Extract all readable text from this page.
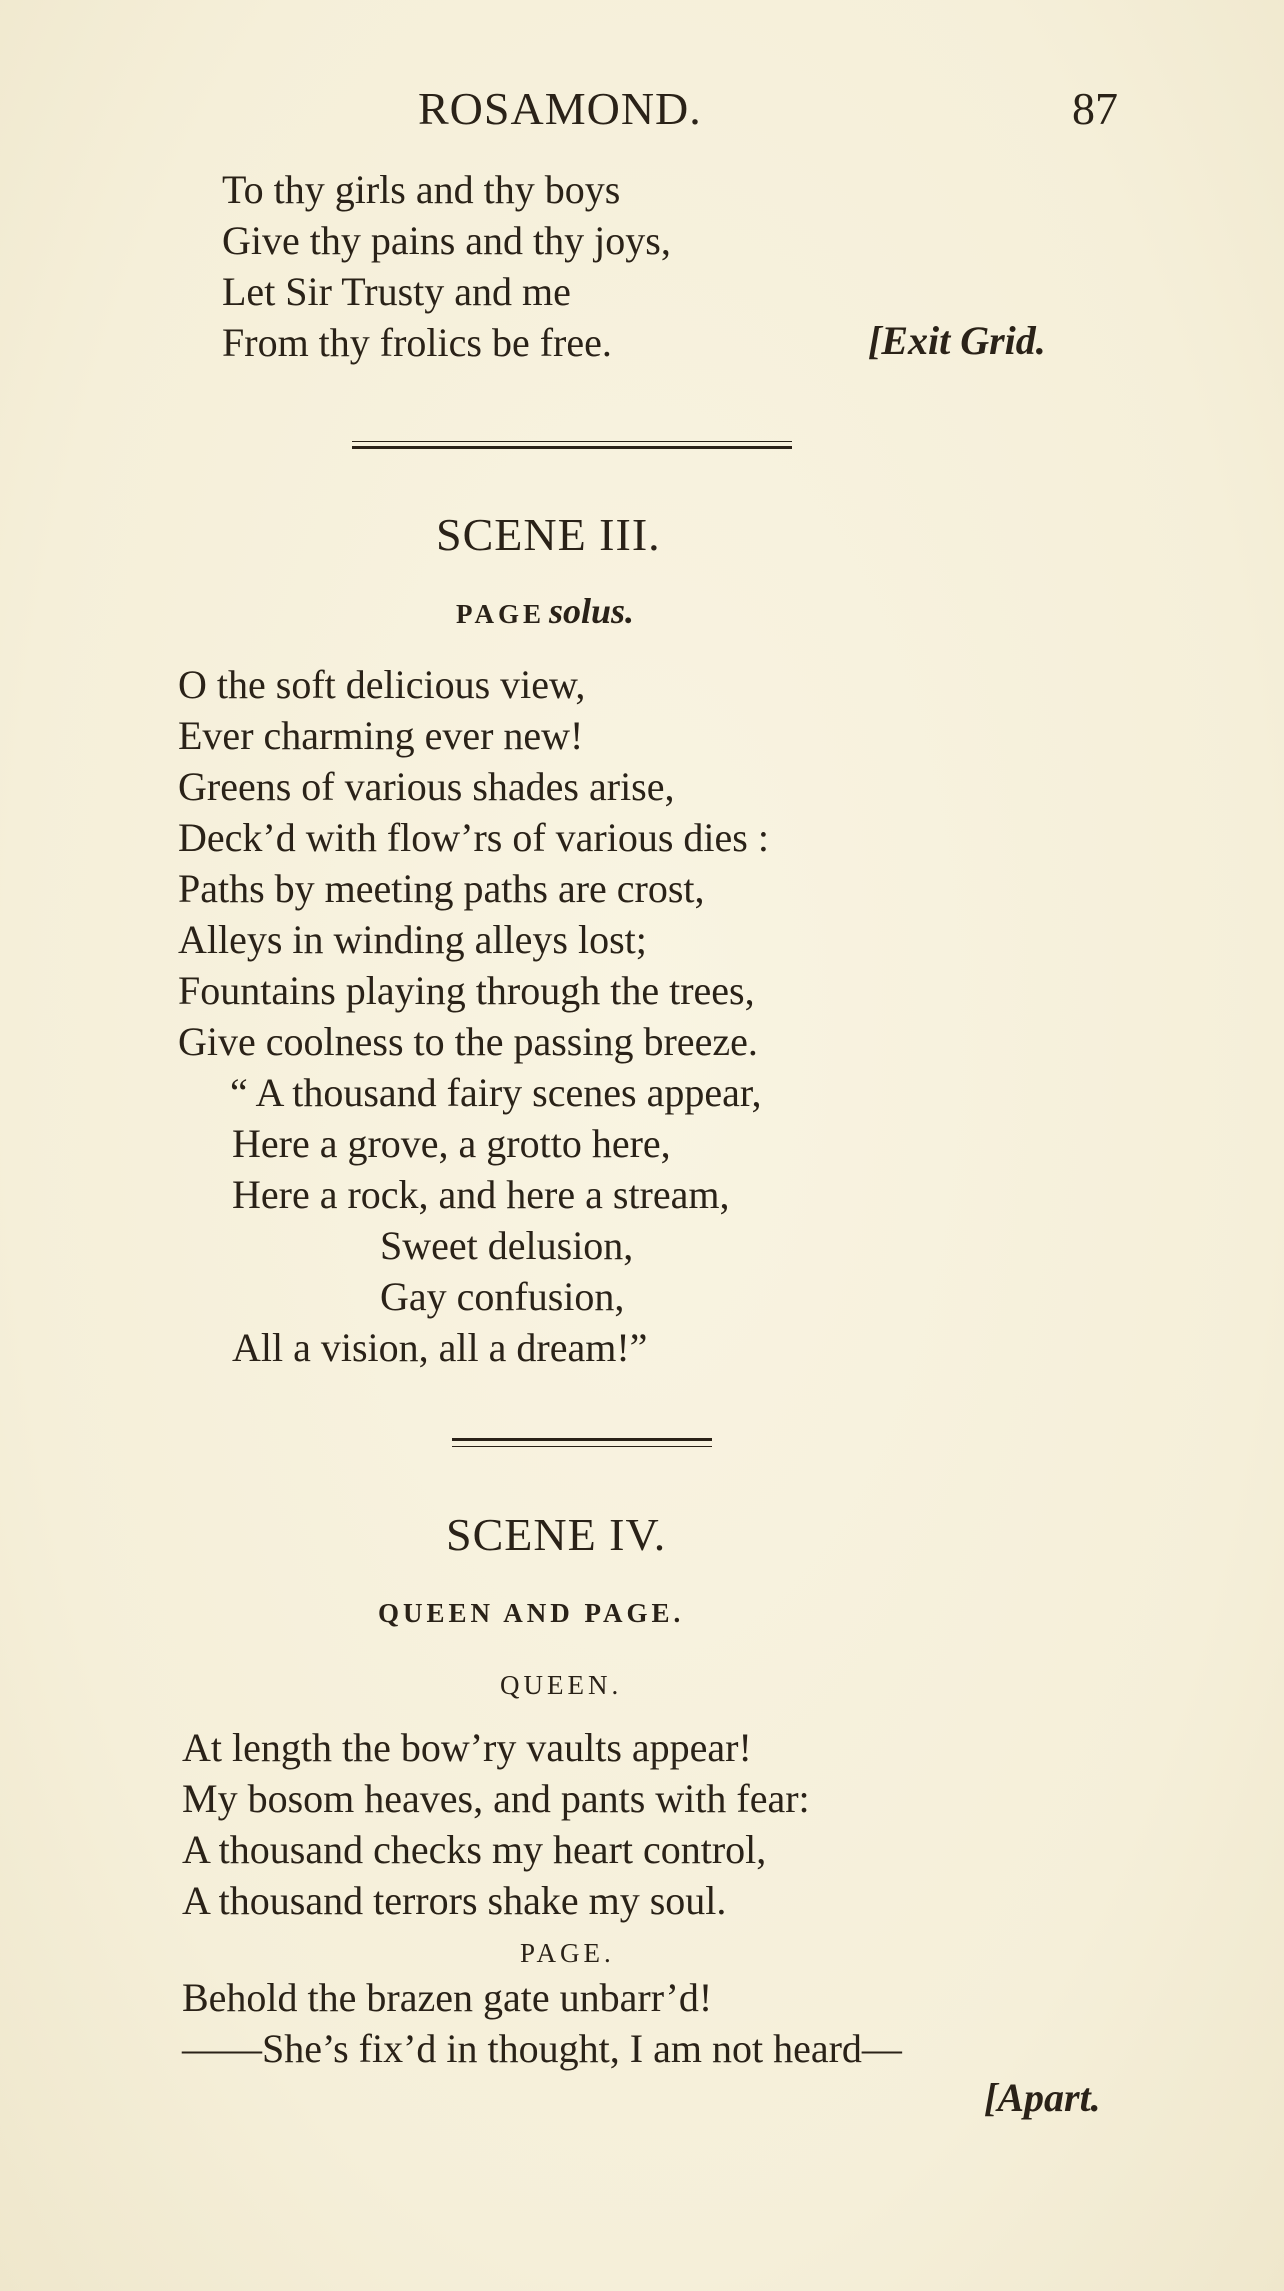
ROSAMOND.	87
To thy girls and thy boys
Give thy pains and thy joys,
Let Sir Trusty and me
From thy frolics be free.	[Exit Grid.
SCENE III.
PAGE solus.
O the soft delicious view,
Ever charming ever new!
Greens of various shades arise,
Deck’d with flow’rs of various dies :
Paths by meeting paths are crost,
Alleys in winding alleys lost;
Fountains playing through the trees,
Give coolness to the passing breeze.
“ A thousand fairy scenes appear,
Here a grove, a grotto here,
Here a rock, and here a stream,
Sweet delusion,
Gay confusion,
All a vision, all a dream!”
SCENE IV.
QUEEN AND PAGE.
QUEEN.
At length the bow’ry vaults appear!
My bosom heaves, and pants with fear:
A thousand checks my heart control,
A thousand terrors shake my soul.
PAGE.
Behold the brazen gate unbarr’d!
——She’s fix’d in thought, I am not heard—
[Apart.
